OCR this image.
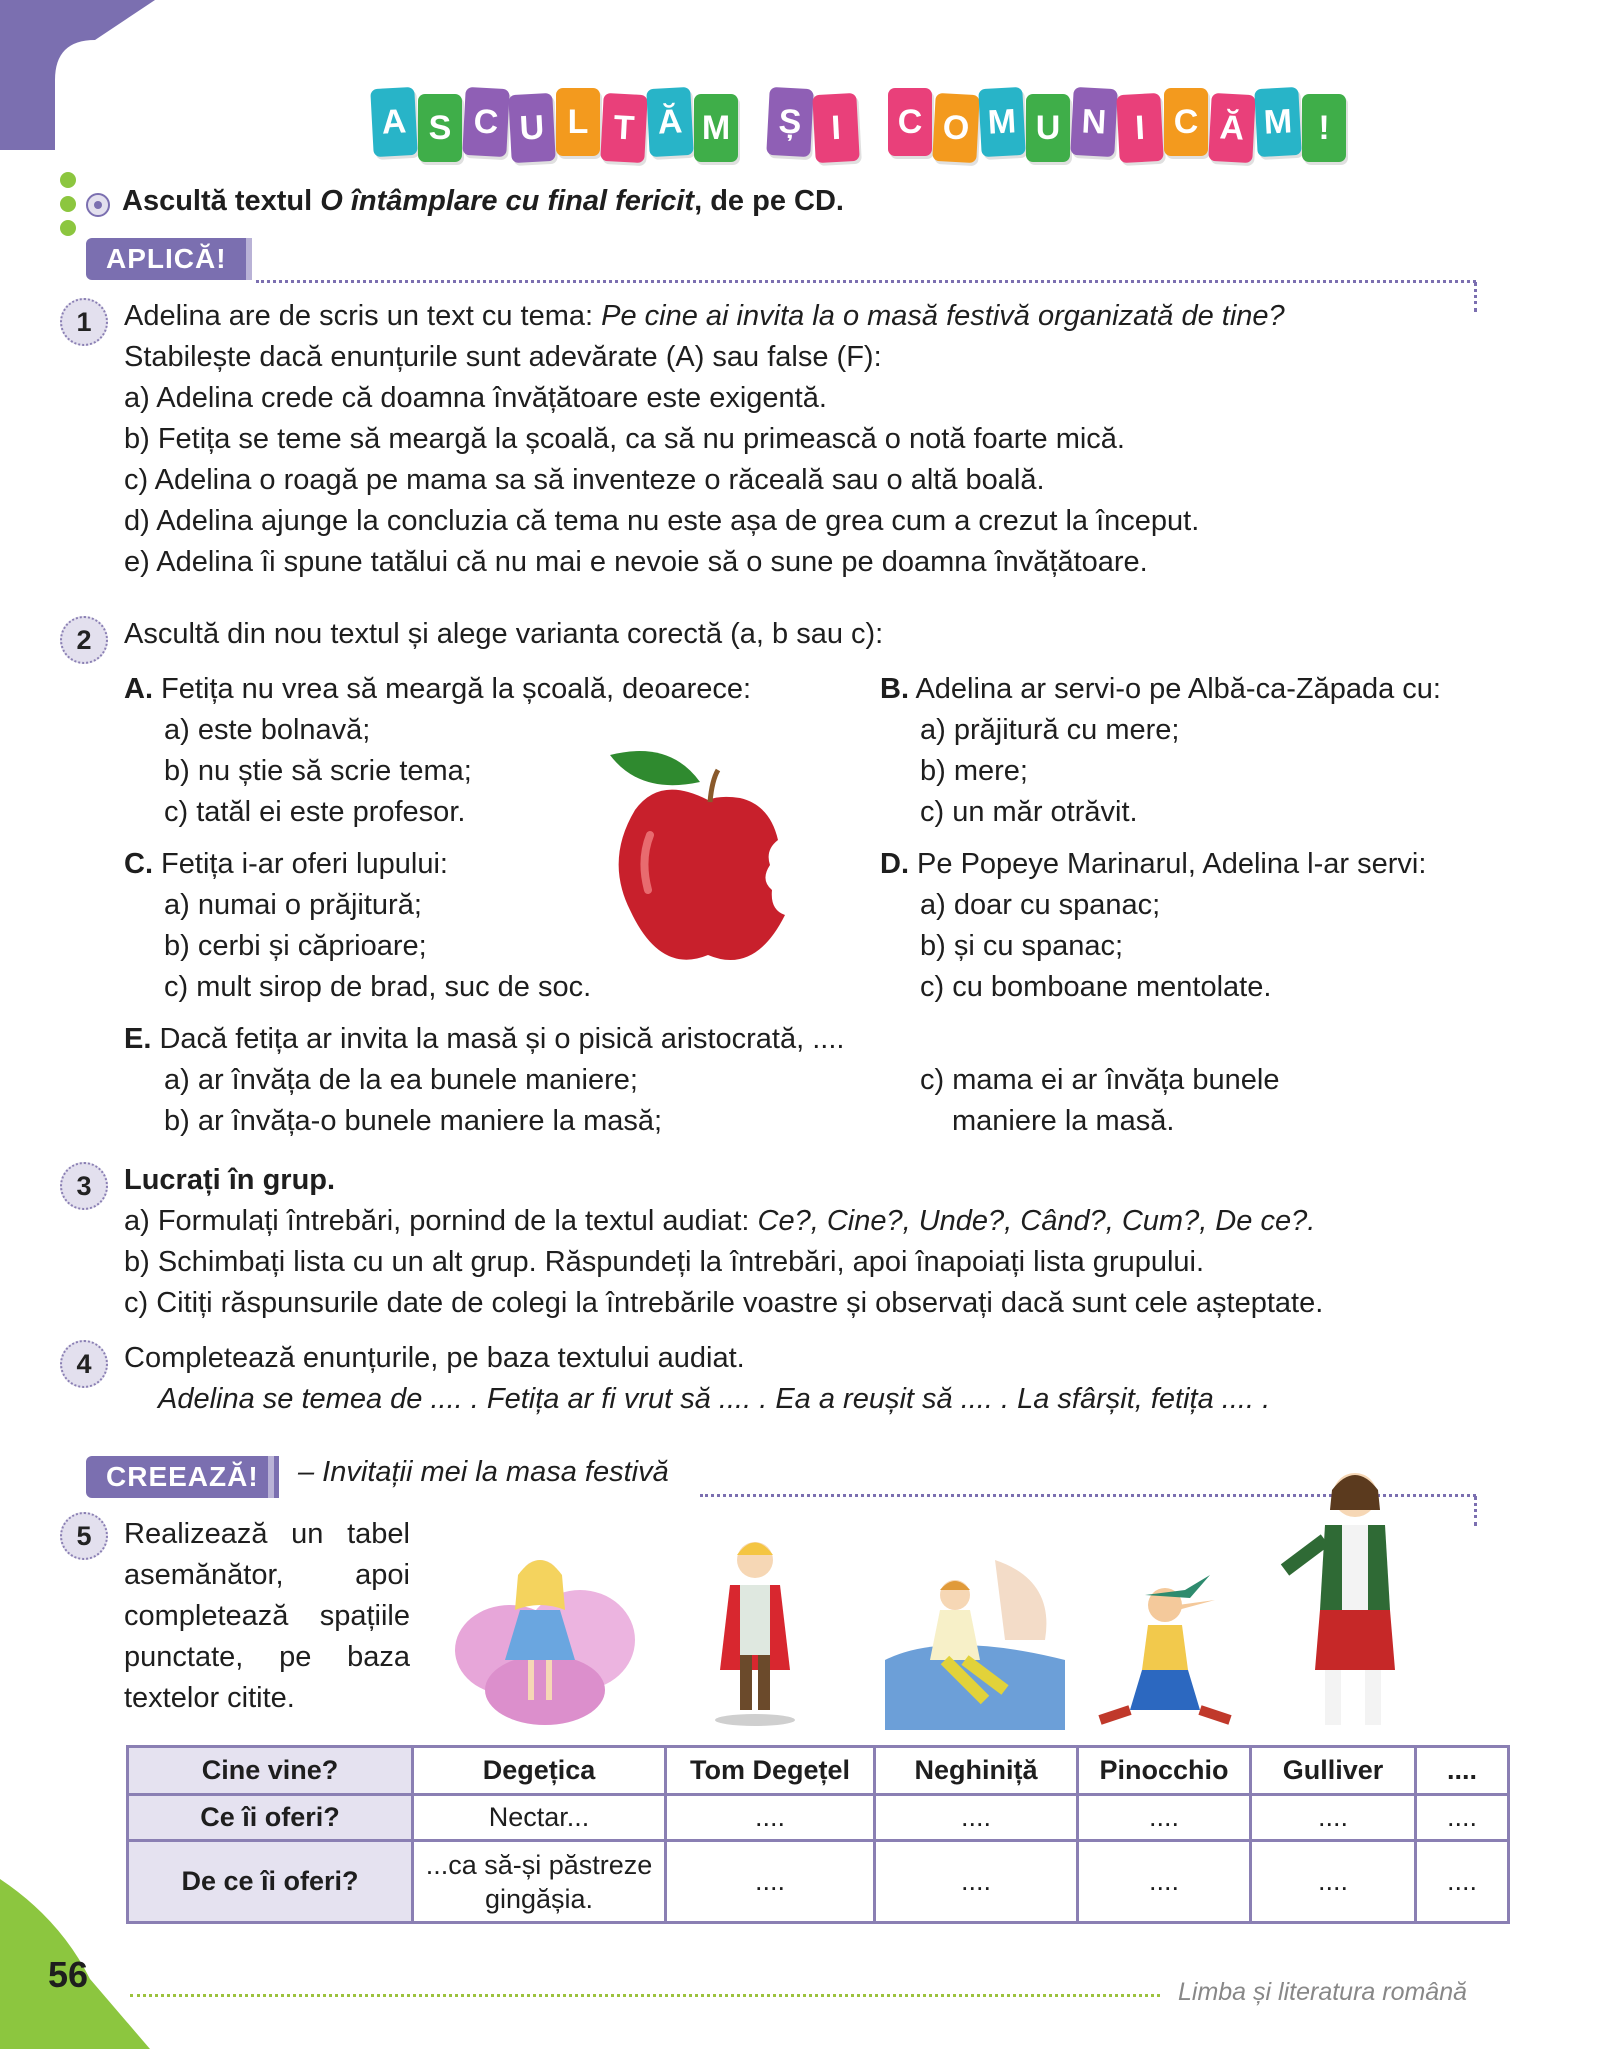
A S C U L T Ă M	Ș I	C O M U N I C Ă M !
Ascultă textul O întâmplare cu final fericit, de pe CD.
APLICĂ!
1	Adelina are de scris un text cu tema: Pe cine ai invita la o masă festivă organizată de tine?
Stabilește dacă enunțurile sunt adevărate (A) sau false (F):
a) Adelina crede că doamna învățătoare este exigentă.
b) Fetița se teme să meargă la școală, ca să nu primească o notă foarte mică.
c) Adelina o roagă pe mama sa să inventeze o răceală sau o altă boală.
d) Adelina ajunge la concluzia că tema nu este așa de grea cum a crezut la început.
e) Adelina îi spune tatălui că nu mai e nevoie să o sune pe doamna învățătoare.
2	Ascultă din nou textul și alege varianta corectă (a, b sau c):
A. Fetița nu vrea să meargă la școală, deoarece:
a) este bolnavă;
b) nu știe să scrie tema;
c) tatăl ei este profesor.
B. Adelina ar servi-o pe Albă-ca-Zăpada cu:
a) prăjitură cu mere;
b) mere;
c) un măr otrăvit.
C. Fetița i-ar oferi lupului:
a) numai o prăjitură;
b) cerbi și căprioare;
c) mult sirop de brad, suc de soc.
D. Pe Popeye Marinarul, Adelina l-ar servi:
a) doar cu spanac;
b) și cu spanac;
c) cu bomboane mentolate.
E. Dacă fetița ar invita la masă și o pisică aristocrată, ....
a) ar învăța de la ea bunele maniere;
b) ar învăța-o bunele maniere la masă;
c) mama ei ar învăța bunele
maniere la masă.
3	Lucrați în grup.
a) Formulați întrebări, pornind de la textul audiat: Ce?, Cine?, Unde?, Când?, Cum?, De ce?.
b) Schimbați lista cu un alt grup. Răspundeți la întrebări, apoi înapoiați lista grupului.
c) Citiți răspunsurile date de colegi la întrebările voastre și observați dacă sunt cele așteptate.
4	Completează enunțurile, pe baza textului audiat.
Adelina se temea de .... . Fetița ar fi vrut să .... . Ea a reușit să .... . La sfârșit, fetița .... .
CREEAZĂ!	– Invitații mei la masa festivă
5	Realizează un tabel
asemănător, apoi
completează spațiile
punctate, pe baza
textelor citite.
Cine vine?	Degețica	Tom Degețel	Neghiniță	Pinocchio	Gulliver	....
Ce îi oferi?	Nectar...	....	....	....	....	....
De ce îi oferi?	...ca să-și păstreze gingășia.	....	....	....	....	....
56	Limba și literatura română
